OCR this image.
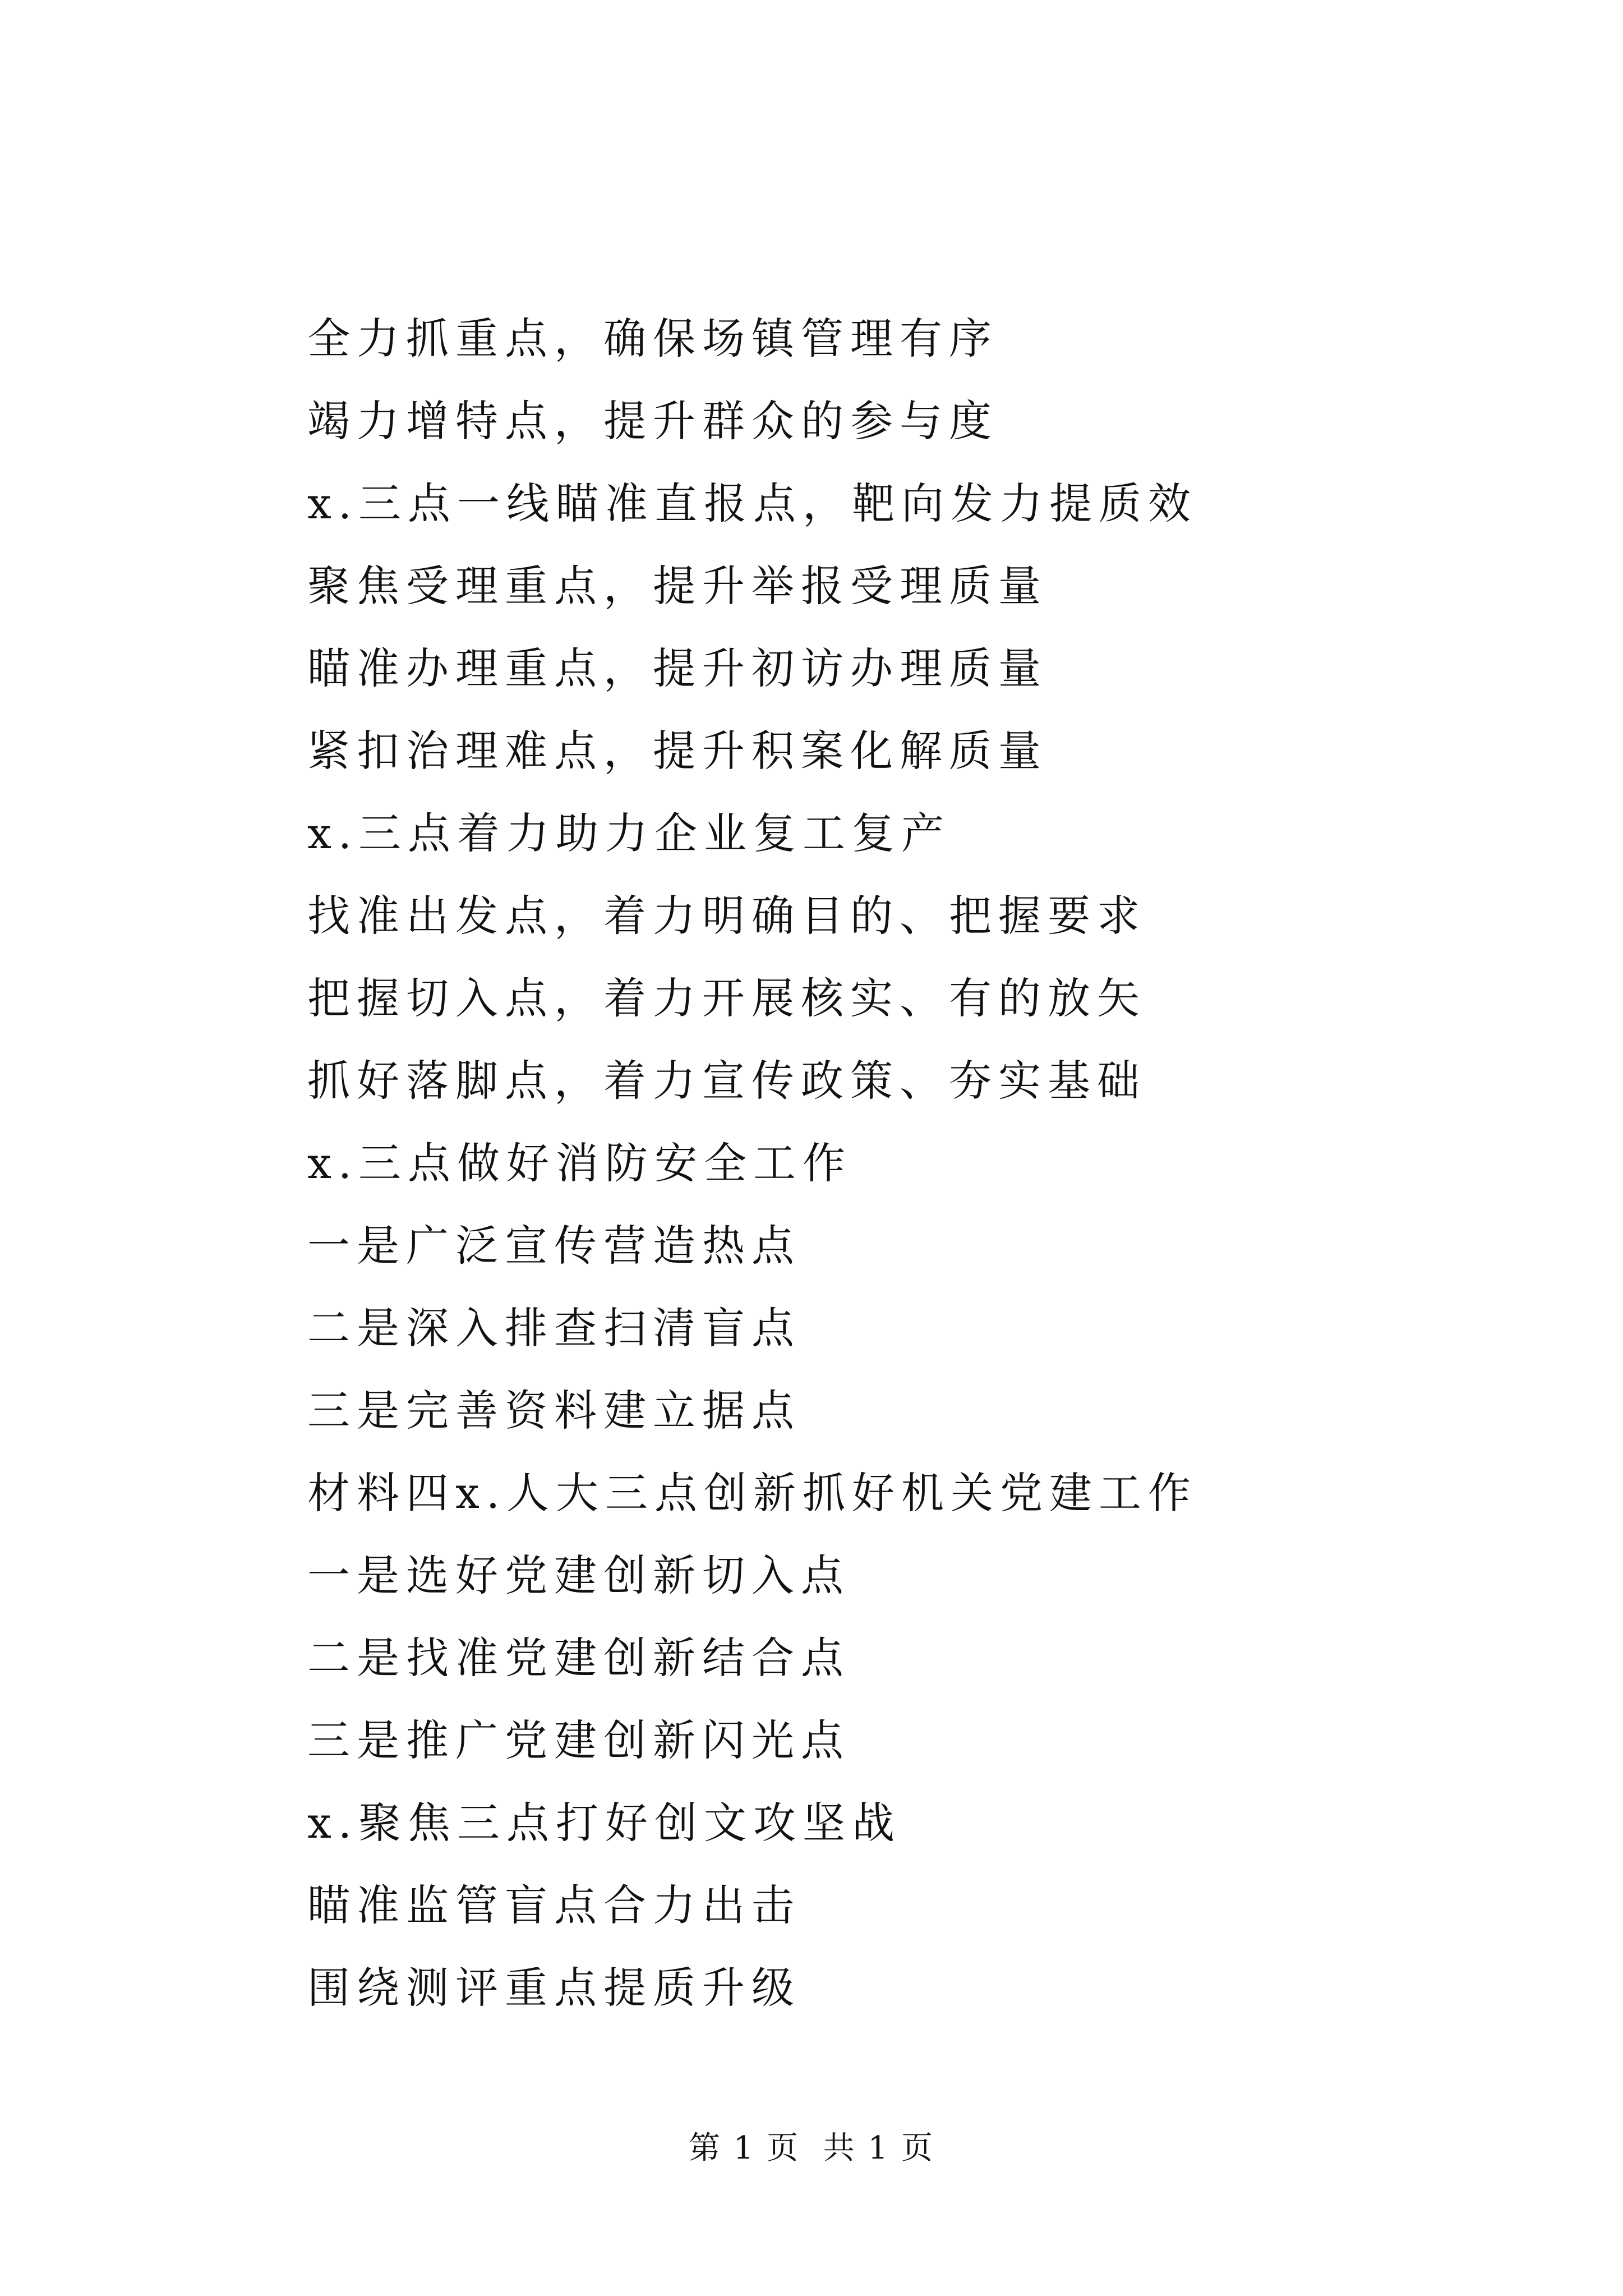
全力抓重点，确保场镇管理有序
竭力增特点，提升群众的参与度
x.三点一线瞄准直报点，靶向发力提质效
聚焦受理重点，提升举报受理质量
瞄准办理重点，提升初访办理质量
紧扣治理难点，提升积案化解质量
x.三点着力助力企业复工复产
找准出发点，着力明确目的、把握要求
把握切入点，着力开展核实、有的放矢
抓好落脚点，着力宣传政策、夯实基础
x.三点做好消防安全工作
一是广泛宣传营造热点
二是深入排查扫清盲点
三是完善资料建立据点
材料四x.人大三点创新抓好机关党建工作
一是选好党建创新切入点
二是找准党建创新结合点
三是推广党建创新闪光点
x.聚焦三点打好创文攻坚战
瞄准监管盲点合力出击
围绕测评重点提质升级
第 1 页  共 1 页
